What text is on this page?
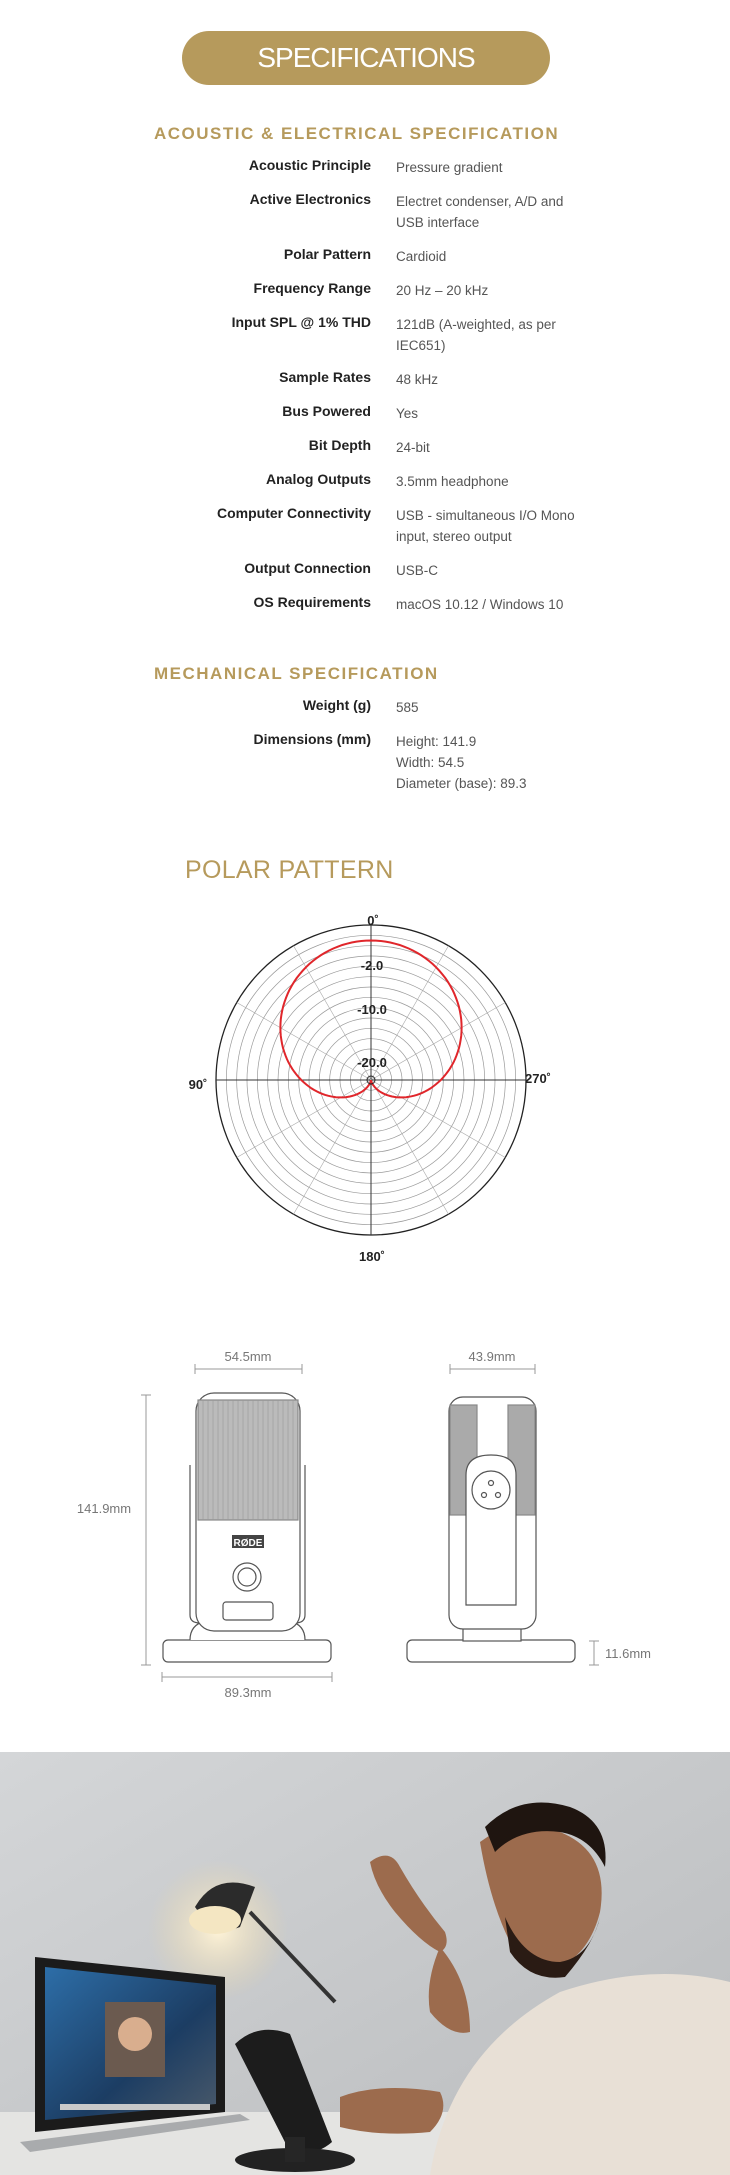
SPECIFICATIONS
ACOUSTIC & ELECTRICAL SPECIFICATION
Acoustic Principle Pressure gradient
Active Electronics Electret condenser, A/D and USB interface
Polar Pattern Cardioid
Frequency Range 20 Hz – 20 kHz
Input SPL @ 1% THD 121dB (A-weighted, as per IEC651)
Sample Rates 48 kHz
Bus Powered Yes
Bit Depth 24-bit
Analog Outputs 3.5mm headphone
Computer Connectivity USB - simultaneous I/O Mono input, stereo output
Output Connection USB-C
OS Requirements macOS 10.12 / Windows 10
MECHANICAL SPECIFICATION
Weight (g) 585
Dimensions (mm) Height: 141.9
Width: 54.5
Diameter (base): 89.3
POLAR PATTERN
0˚
90˚	270˚
180˚
-2.0
-10.0
-20.0
54.5mm	43.9mm
141.9mm
89.3mm
11.6mm
RØDE
